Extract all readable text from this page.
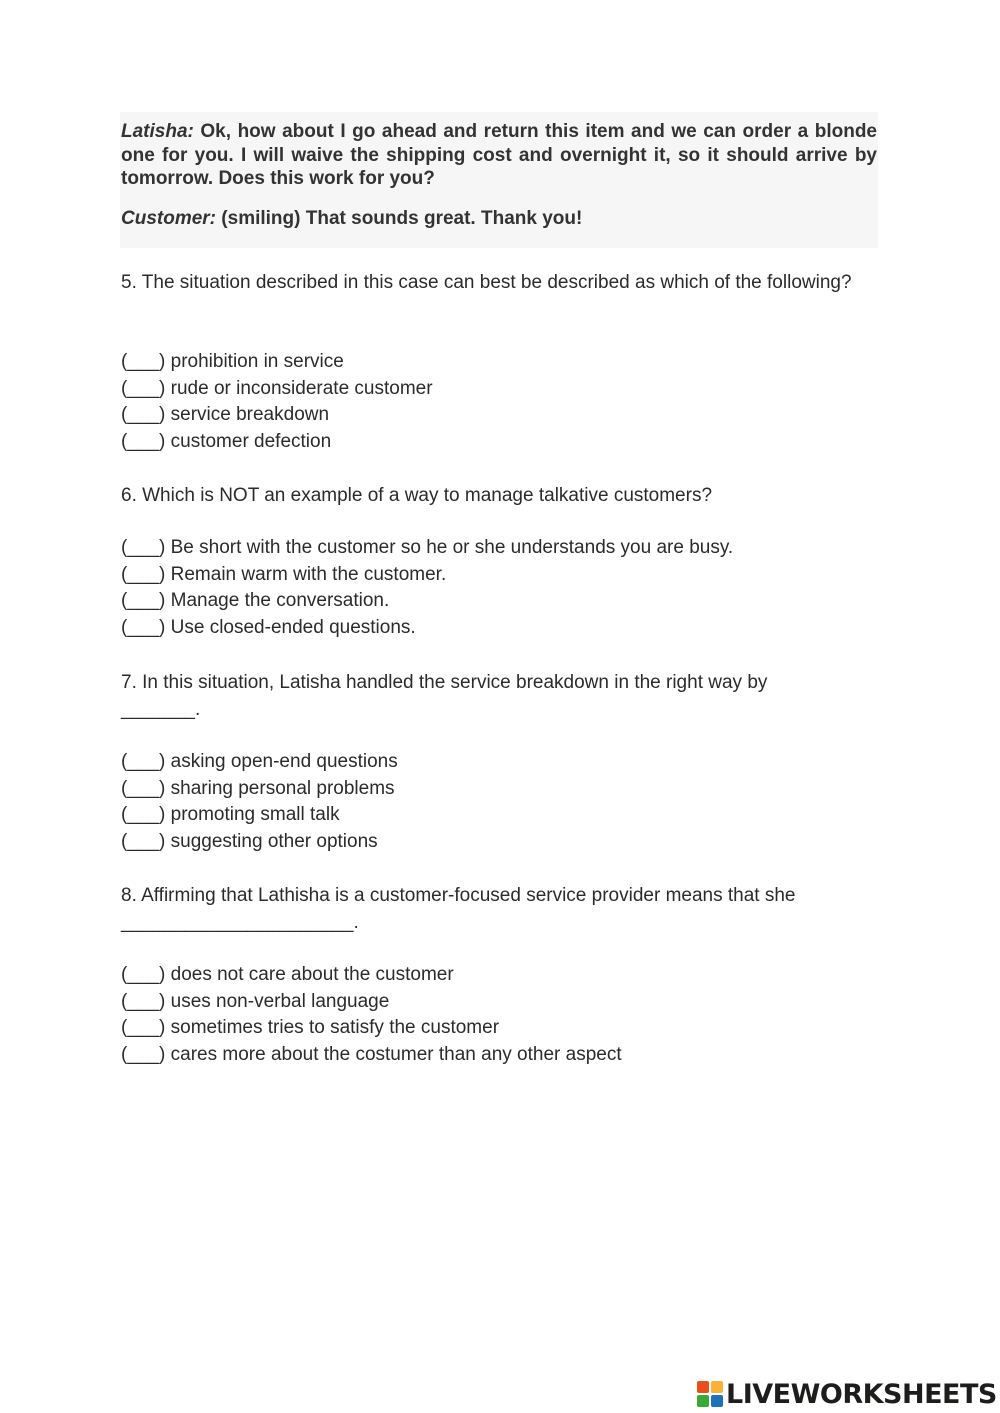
Latisha: Ok, how about I go ahead and return this item and we can order a blonde one for you. I will waive the shipping cost and overnight it, so it should arrive by tomorrow. Does this work for you?

Customer: (smiling) That sounds great. Thank you!

5. The situation described in this case can best be described as which of the following?

(___) prohibition in service
(___) rude or inconsiderate customer
(___) service breakdown
(___) customer defection

6. Which is NOT an example of a way to manage talkative customers?

(___) Be short with the customer so he or she understands you are busy.
(___) Remain warm with the customer.
(___) Manage the conversation.
(___) Use closed-ended questions.

7. In this situation, Latisha handled the service breakdown in the right way by
_______.

(___) asking open-end questions
(___) sharing personal problems
(___) promoting small talk
(___) suggesting other options

8. Affirming that Lathisha is a customer-focused service provider means that she
______________________.

(___) does not care about the customer
(___) uses non-verbal language
(___) sometimes tries to satisfy the customer
(___) cares more about the costumer than any other aspect
LIVEWORKSHEETS
